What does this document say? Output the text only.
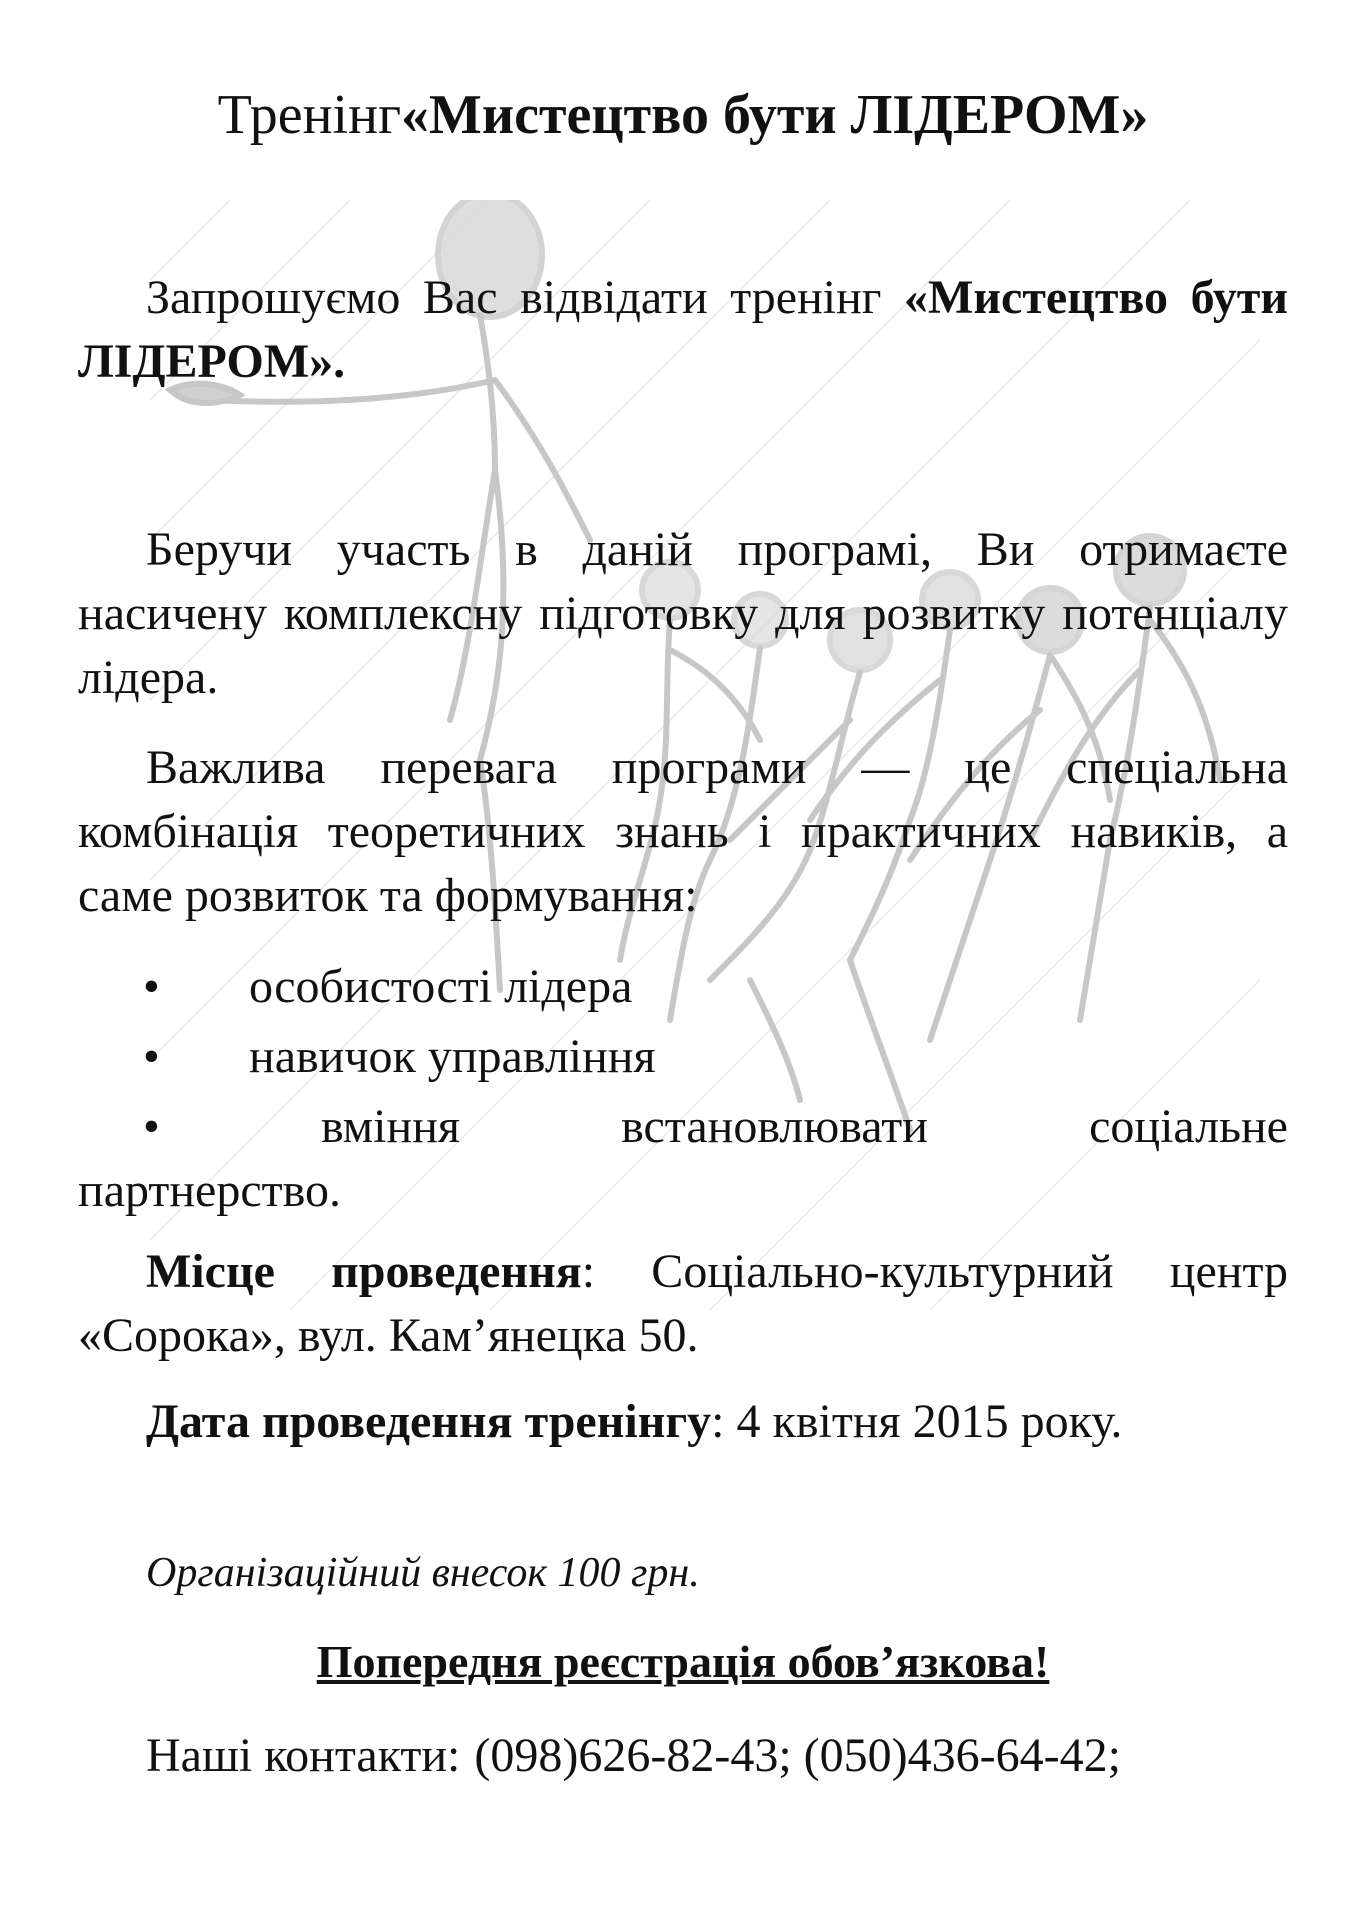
Тренінг«Мистецтво бути ЛІДЕРОМ»

Запрошуємо Вас відвідати тренінг «Мистецтво бути ЛІДЕРОМ».

Беручи участь в даній програмі, Ви отримаєте насичену комплексну підготовку для розвитку потенціалу лідера.

Важлива перевага програми — це спеціальна комбінація теоретичних знань і практичних навиків, а саме розвиток та формування:

• особистості лідера
• навичок управління
•	вміння	встановлювати	соціальне
партнерство.

Місце проведення: Соціально-культурний центр «Сорока», вул. Кам’янецка 50.

Дата проведення тренінгу: 4 квітня 2015 року.

Організаційний внесок 100 грн.
Попередня реєстрація обов’язкова!
Наші контакти: (098)626-82-43; (050)436-64-42;
